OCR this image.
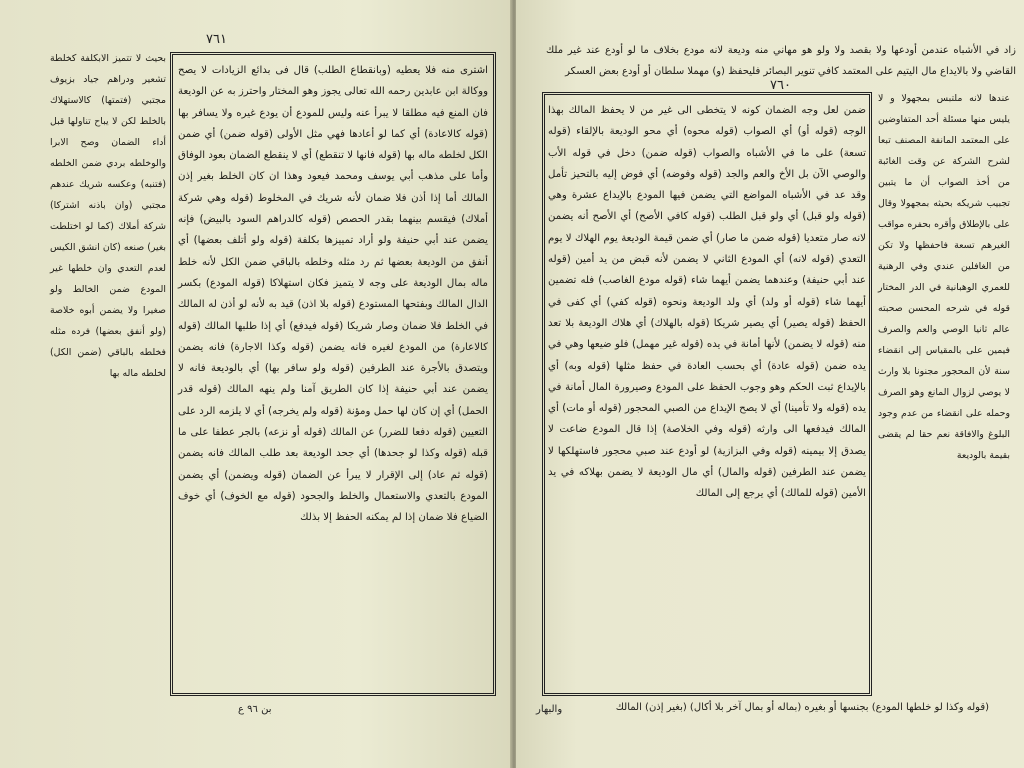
٧٦١
بحيث لا تتميز الابكلفة كخلطة تشعير ودراهم جياد بزيوف مجتبي (فتمتها) كالاستهلاك بالخلط لكن لا يباح تناولها قبل أداء الضمان وصح الابرا والوخلطه بردي ضمن الخلطه (فتنبه) وعكسه شريك عندهم مجتبي (وان باذنه اشتركا) شركة أملاك (كما لو اختلطت بغير) صنعه (كان انشق الكيس لعدم التعدي وان خلطها غير المودع ضمن الخالط ولو صغيرا ولا يضمن أبوه خلاصة (ولو أنفق بعضها) فرده مثله فخلطه بالباقي (ضمن الكل) لخلطه ماله بها
اشترى منه فلا يعطيه (وبانقطاع الطلب) قال فى بدائع الزيادات لا يصح ووكالة ابن عابدين رحمه الله تعالى يجوز وهو المختار واحترز به عن الوديعة فان المنع فيه مطلقا لا يبرأ عنه وليس للمودع أن يودع غيره ولا يسافر بها (قوله كالاعادة) أي كما لو أعادها فهي مثل الأولى (قوله ضمن) أي ضمن الكل لخلطه ماله بها (قوله فانها لا تنقطع) أي لا ينقطع الضمان بعود الوفاق وأما على مذهب أبي يوسف ومحمد فيعود وهذا ان كان الخلط بغير إذن المالك أما إذا أذن فلا ضمان لأنه شريك في المخلوط (قوله وهي شركة أملاك) فيقسم بينهما بقدر الحصص (قوله كالدراهم السود بالبيض) فإنه يضمن عند أبي حنيفة ولو أراد تمييزها بكلفة (قوله ولو أتلف بعضها) أي أنفق من الوديعة بعضها ثم رد مثله وخلطه بالباقي ضمن الكل لأنه خلط ماله بمال الوديعة على وجه لا يتميز فكان استهلاكا (قوله المودع) بكسر الدال المالك وبفتحها المستودع (قوله بلا اذن) قيد به لأنه لو أذن له المالك في الخلط فلا ضمان وصار شريكا (قوله فيدفع) أي إذا طلبها المالك (قوله كالاعارة) من المودع لغيره فانه يضمن (قوله وكذا الاجارة) فانه يضمن ويتصدق بالأجرة عند الطرفين (قوله ولو سافر بها) أي بالوديعة فانه لا يضمن عند أبي حنيفة إذا كان الطريق آمنا ولم ينهه المالك (قوله قدر الحمل) أي إن كان لها حمل ومؤنة (قوله ولم يخرجه) أي لا يلزمه الرد على التعيين (قوله دفعا للضرر) عن المالك (قوله أو نزعه) بالجر عطفا على ما قبله (قوله وكذا لو جحدها) أي جحد الوديعة بعد طلب المالك فانه يضمن (قوله ثم عاد) إلى الإقرار لا يبرأ عن الضمان (قوله ويضمن) أي يضمن المودع بالتعدي والاستعمال والخلط والجحود (قوله مع الخوف) أي خوف الضياع فلا ضمان إذا لم يمكنه الحفظ إلا بذلك
بن ٩٦ ع
زاد في الأشباه عندمن أودعها ولا بقصد ولا ولو هو مهاني منه وديعة لانه مودع بخلاف ما لو أودع عند غير ملك القاضي ولا بالايداع مال اليتيم على المعتمد كافي تنوير البصائر فليحفظ (و) مهملا سلطان أو أودع بعض العسكر
٧٦٠
ضمن لعل وجه الضمان كونه لا يتخطى الى غير من لا يحفظ المالك بهذا الوجه (قوله أو) أي الصواب (قوله محوه) أي محو الوديعة بالإلقاء (قوله تسعة) على ما في الأشباه والصواب (قوله ضمن) دخل في قوله الأب والوصي الآن بل الأخ والعم والجد (قوله وفوضه) أي فوض إليه بالتحيز تأمل وقد عد في الأشباه المواضع التي يضمن فيها المودع بالإيداع عشرة وهي (قوله ولو قبل) أي ولو قبل الطلب (قوله كافي الأصح) أي الأصح أنه يضمن لانه صار متعديا (قوله ضمن ما صار) أي ضمن قيمة الوديعة يوم الهلاك لا يوم التعدي (قوله لانه) أي المودع الثاني لا يضمن لأنه قبض من يد أمين (قوله عند أبي حنيفة) وعندهما يضمن أيهما شاء (قوله مودع الغاصب) فله تضمين أيهما شاء (قوله أو ولد) أي ولد الوديعة ونحوه (قوله كفي) أي كفى في الحفظ (قوله يصير) أي يصير شريكا (قوله بالهلاك) أي هلاك الوديعة بلا تعد منه (قوله لا يضمن) لأنها أمانة في يده (قوله غير مهمل) فلو ضيعها وهي في يده ضمن (قوله عادة) أي بحسب العادة في حفظ مثلها (قوله وبه) أي بالإيداع ثبت الحكم وهو وجوب الحفظ على المودع وصيرورة المال أمانة في يده (قوله ولا تأمينا) أي لا يصح الإيداع من الصبي المحجور (قوله أو مات) أي المالك فيدفعها الى وارثه (قوله وفي الخلاصة) إذا قال المودع ضاعت لا يصدق إلا بيمينه (قوله وفي البزازية) لو أودع عند صبي محجور فاستهلكها لا يضمن عند الطرفين (قوله والمال) أي مال الوديعة لا يضمن بهلاكه في يد الأمين (قوله للمالك) أي يرجع إلى المالك
عندها لانه ملتبس بمجهولا و لا يليس منها مسئلة أحد المتفاوضين على المعتمد المانفة المصنف تبعا لشرح الشركة عن وقت الغائبة من أخذ الصواب أن ما يتبين تجبيب شريكه بحيثه بمجهولا وقال على بالإطلاق وأقره بحفره مواقب الغيرهم تسعة فاحفظها ولا تكن من الغافلين عندي وفي الرهنية للعمري الوهبانية في الدر المختار قوله في شرحه المحسن صحبته عالم ثانيا الوصي والعم والصرف فيمين على بالمقياس إلى انقضاء سنة لأن المحجور مجنونا بلا وارث لا يوصي لزوال المانع وهو الصرف وحمله على انقضاء من عدم وجود البلوغ والافاقة نعم حقا لم يقضى بقيمة بالوديعة
(قوله وكذا لو خلطها المودع) بجنسها أو بغيره (بماله أو بمال آخر بلا أكال) (بغير إذن) المالك
والبهار
